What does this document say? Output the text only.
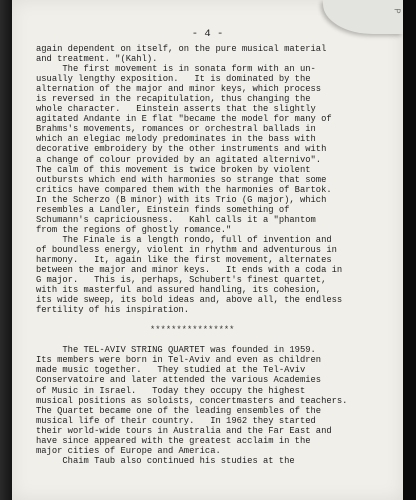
P
- 4 -
again dependent on itself, on the pure musical material
and treatment. "(Kahl).
The first movement is in sonata form with an un-
usually lengthy exposition.   It is dominated by the
alternation of the major and minor keys, which process
is reversed in the recapitulation, thus changing the
whole character.   Einstein asserts that the slightly
agitated Andante in E flat "became the model for many of
Brahms's movements, romances or orchestral ballads in
which an elegiac melody predominates in the bass with
decorative embroidery by the other instruments and with
a change of colour provided by an agitated alternivo".
The calm of this movement is twice broken by violent
outbursts which end with harmonies so strange that some
critics have compared them with the harmonies of Bartok.
In the Scherzo (B minor) with its Trio (G major), which
resembles a Landler, Einstein finds something of
Schumann's capriciousness.   Kahl calls it a "phantom
from the regions of ghostly romance."
The Finale is a length rondo, full of invention and
of boundless energy, violent in rhythm and adventurous in
harmony.   It, again like the first movement, alternates
between the major and minor keys.   It ends with a coda in
G major.   This is, perhaps, Schubert's finest quartet,
with its masterful and assured handling, its cohesion,
its wide sweep, its bold ideas and, above all, the endless
fertility of his inspiration.
****************
The TEL-AVIV STRING QUARTET was founded in 1959.
Its members were born in Tel-Aviv and even as children
made music together.   They studied at the Tel-Aviv
Conservatoire and later attended the various Academies
of Music in Israel.   Today they occupy the highest
musical positions as soloists, concertmasters and teachers.
The Quartet became one of the leading ensembles of the
musical life of their country.   In 1962 they started
their world-wide tours in Australia and the Far East and
have since appeared with the greatest acclaim in the
major cities of Europe and America.
Chaim Taub also continued his studies at the
